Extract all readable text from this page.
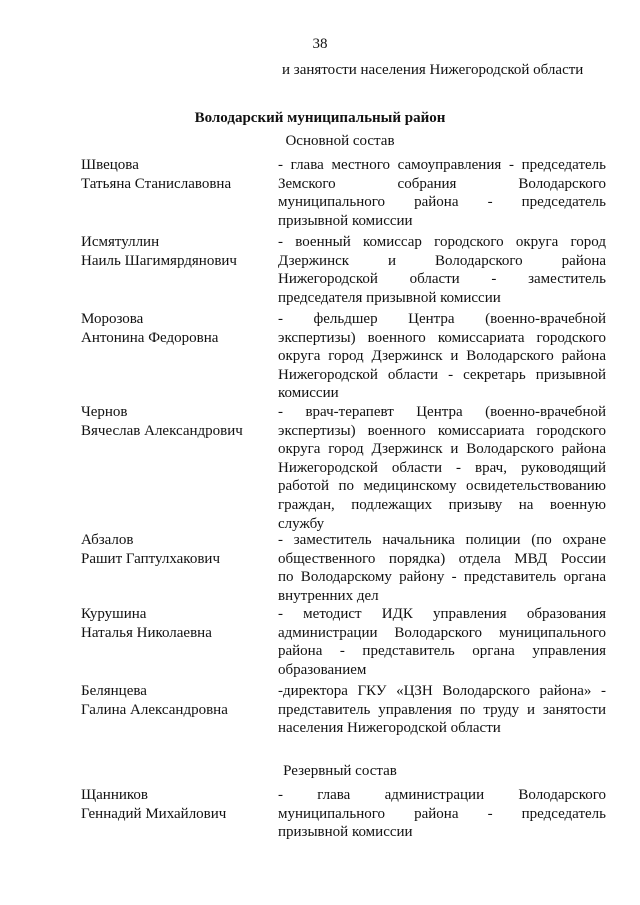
38
и занятости населения Нижегородской области
Володарский муниципальный район
Основной состав
Швецова
Татьяна Станиславовна
- глава местного самоуправления - председатель
Земского собрания Володарского
муниципального района - председатель
призывной комиссии
Исмятуллин
Наиль Шагимярдянович
- военный комиссар городского округа город
Дзержинск и Володарского района
Нижегородской области - заместитель
председателя призывной комиссии
Морозова
Антонина Федоровна
- фельдшер Центра (военно-врачебной
экспертизы) военного комиссариата городского
округа город Дзержинск и Володарского района
Нижегородской области - секретарь призывной
комиссии
Чернов
Вячеслав Александрович
- врач-терапевт Центра (военно-врачебной
экспертизы) военного комиссариата городского
округа город Дзержинск и Володарского района
Нижегородской области - врач, руководящий
работой по медицинскому освидетельствованию
граждан, подлежащих призыву на военную
службу
Абзалов
Рашит Гаптулхакович
- заместитель начальника полиции (по охране
общественного порядка) отдела МВД России
по Володарскому району - представитель органа
внутренних дел
Курушина
Наталья Николаевна
- методист ИДК управления образования
администрации Володарского муниципального
района - представитель органа управления
образованием
Белянцева
Галина Александровна
-директора ГКУ «ЦЗН Володарского района» -
представитель управления по труду и занятости
населения Нижегородской области
Резервный состав
Щанников
Геннадий Михайлович
- глава администрации Володарского
муниципального района - председатель
призывной комиссии
